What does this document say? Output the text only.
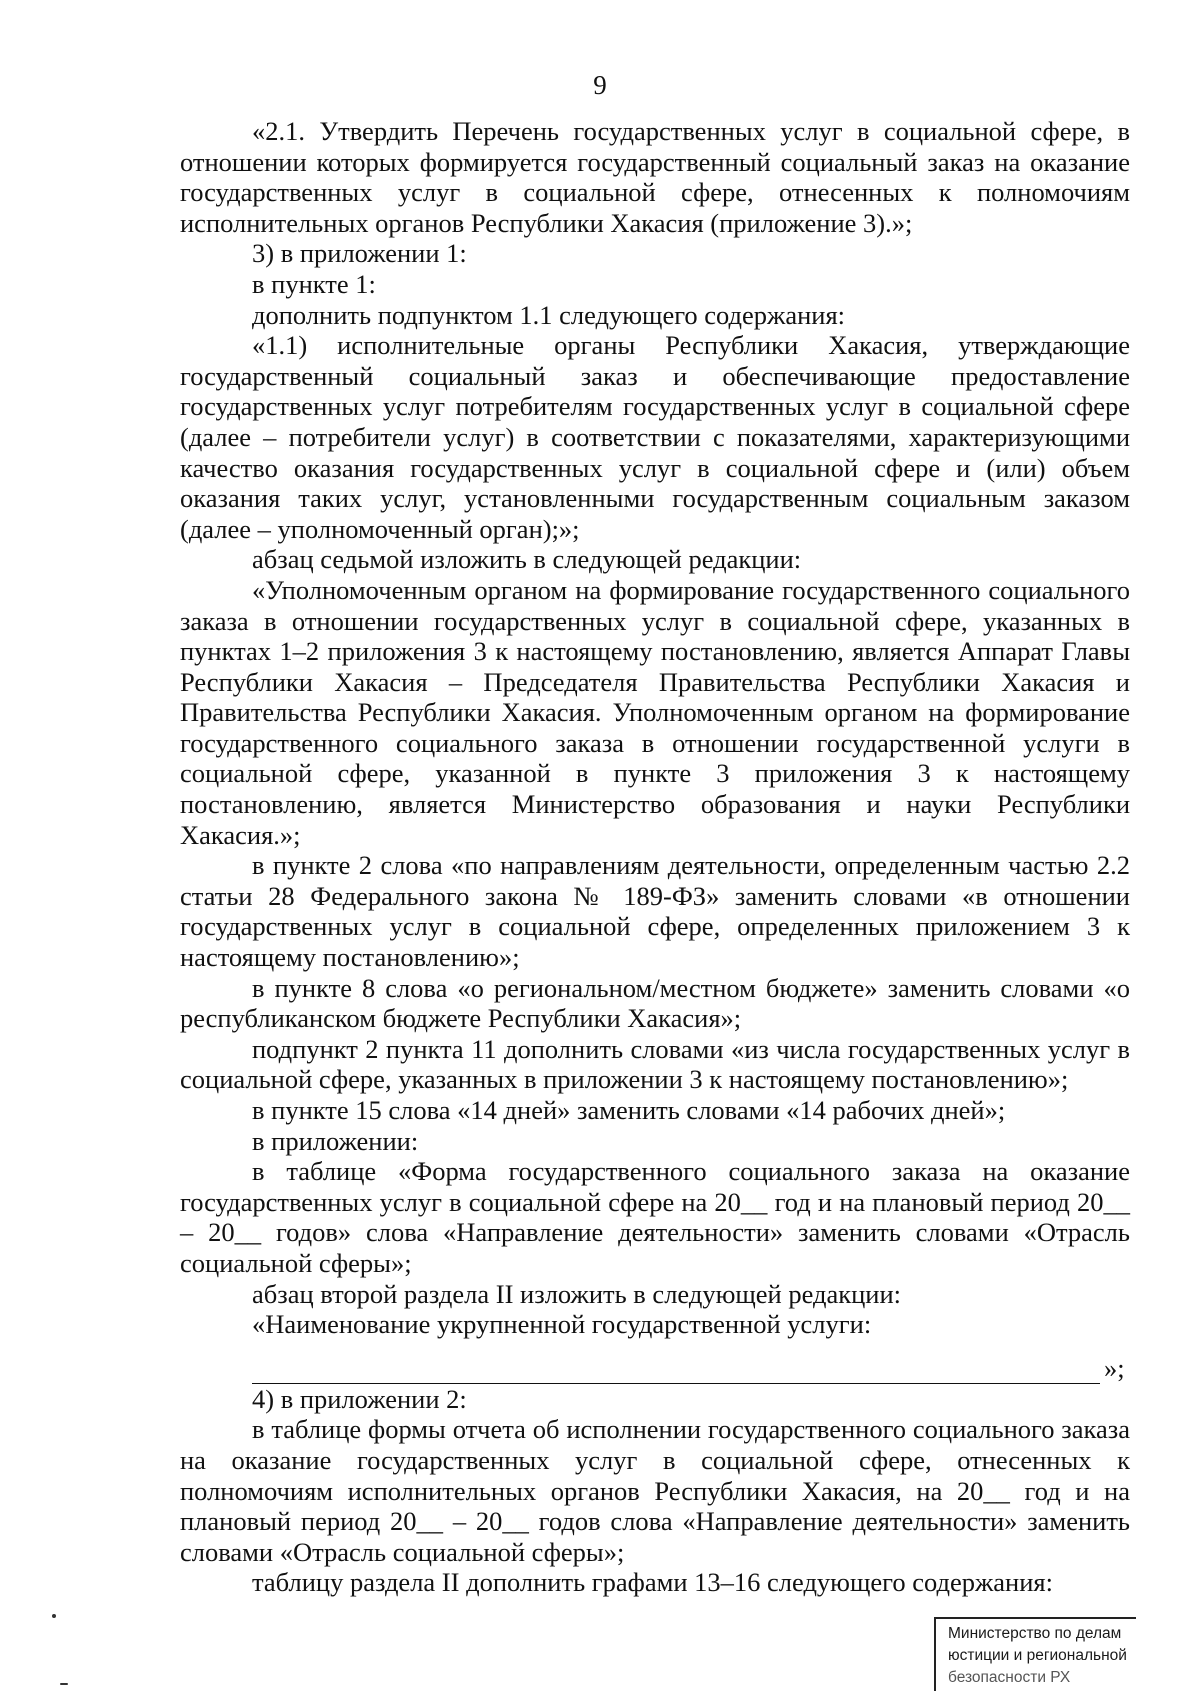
9

«2.1. Утвердить Перечень государственных услуг в социальной сфере, в отношении которых формируется государственный социальный заказ на оказание государственных услуг в социальной сфере, отнесенных к полномочиям исполнительных органов Республики Хакасия (приложение 3).»;

3) в приложении 1:

в пункте 1:

дополнить подпунктом 1.1 следующего содержания:

«1.1) исполнительные органы Республики Хакасия, утверждающие государственный социальный заказ и обеспечивающие предоставление государственных услуг потребителям государственных услуг в социальной сфере (далее – потребители услуг) в соответствии с показателями, характеризующими качество оказания государственных услуг в социальной сфере и (или) объем оказания таких услуг, установленными государственным социальным заказом (далее – уполномоченный орган);»;

абзац седьмой изложить в следующей редакции:

«Уполномоченным органом на формирование государственного социального заказа в отношении государственных услуг в социальной сфере, указанных в пунктах 1–2 приложения 3 к настоящему постановлению, является Аппарат Главы Республики Хакасия – Председателя Правительства Республики Хакасия и Правительства Республики Хакасия. Уполномоченным органом на формирование государственного социального заказа в отношении государственной услуги в социальной сфере, указанной в пункте 3 приложения 3 к настоящему постановлению, является Министерство образования и науки Республики Хакасия.»;

в пункте 2 слова «по направлениям деятельности, определенным частью 2.2 статьи 28 Федерального закона № 189-ФЗ» заменить словами «в отношении государственных услуг в социальной сфере, определенных приложением 3 к настоящему постановлению»;

в пункте 8 слова «о региональном/местном бюджете» заменить словами «о республиканском бюджете Республики Хакасия»;

подпункт 2 пункта 11 дополнить словами «из числа государственных услуг в социальной сфере, указанных в приложении 3 к настоящему постановлению»;

в пункте 15 слова «14 дней» заменить словами «14 рабочих дней»;

в приложении:

в таблице «Форма государственного социального заказа на оказание государственных услуг в социальной сфере на 20__ год и на плановый период 20__ – 20__ годов» слова «Направление деятельности» заменить словами «Отрасль социальной сферы»;

абзац второй раздела II изложить в следующей редакции:

«Наименование укрупненной государственной услуги:

»;

4) в приложении 2:

в таблице формы отчета об исполнении государственного социального заказа на оказание государственных услуг в социальной сфере, отнесенных к полномочиям исполнительных органов Республики Хакасия, на 20__ год и на плановый период 20__ – 20__ годов слова «Направление деятельности» заменить словами «Отрасль социальной сферы»;

таблицу раздела II дополнить графами 13–16 следующего содержания:

Министерство по делам
юстиции и региональной
безопасности РХ
